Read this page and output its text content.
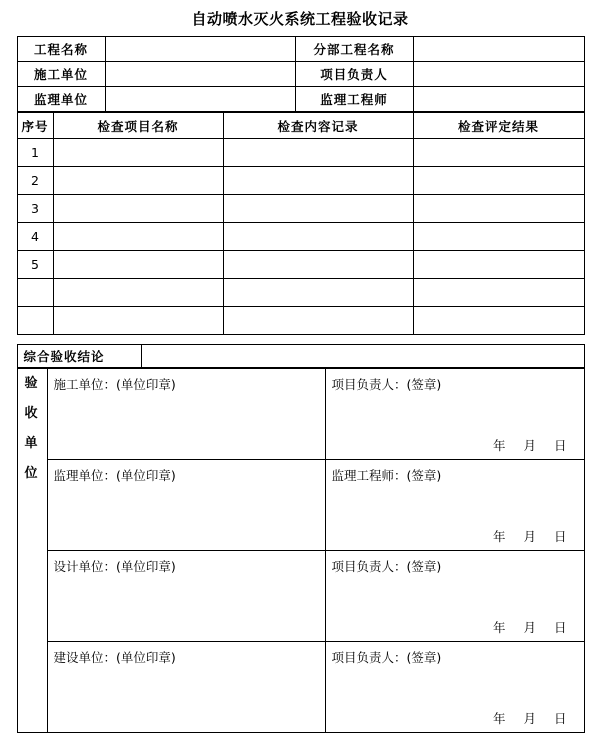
自动喷水灭火系统工程验收记录
工程名称		分部工程名称	
施工单位		项目负责人	
监理单位		监理工程师	
序号	检查项目名称	检查内容记录	检查评定结果
1			
2			
3			
4			
5			

综合验收结论	
验
收
单
位	施工单位：(单位印章)	项目负责人：(签章)
年 月 日

	监理单位：(单位印章)	监理工程师：(签章)
年 月 日

	设计单位：(单位印章)	项目负责人：(签章)
年 月 日

	建设单位：(单位印章)	项目负责人：(签章)
年 月 日
